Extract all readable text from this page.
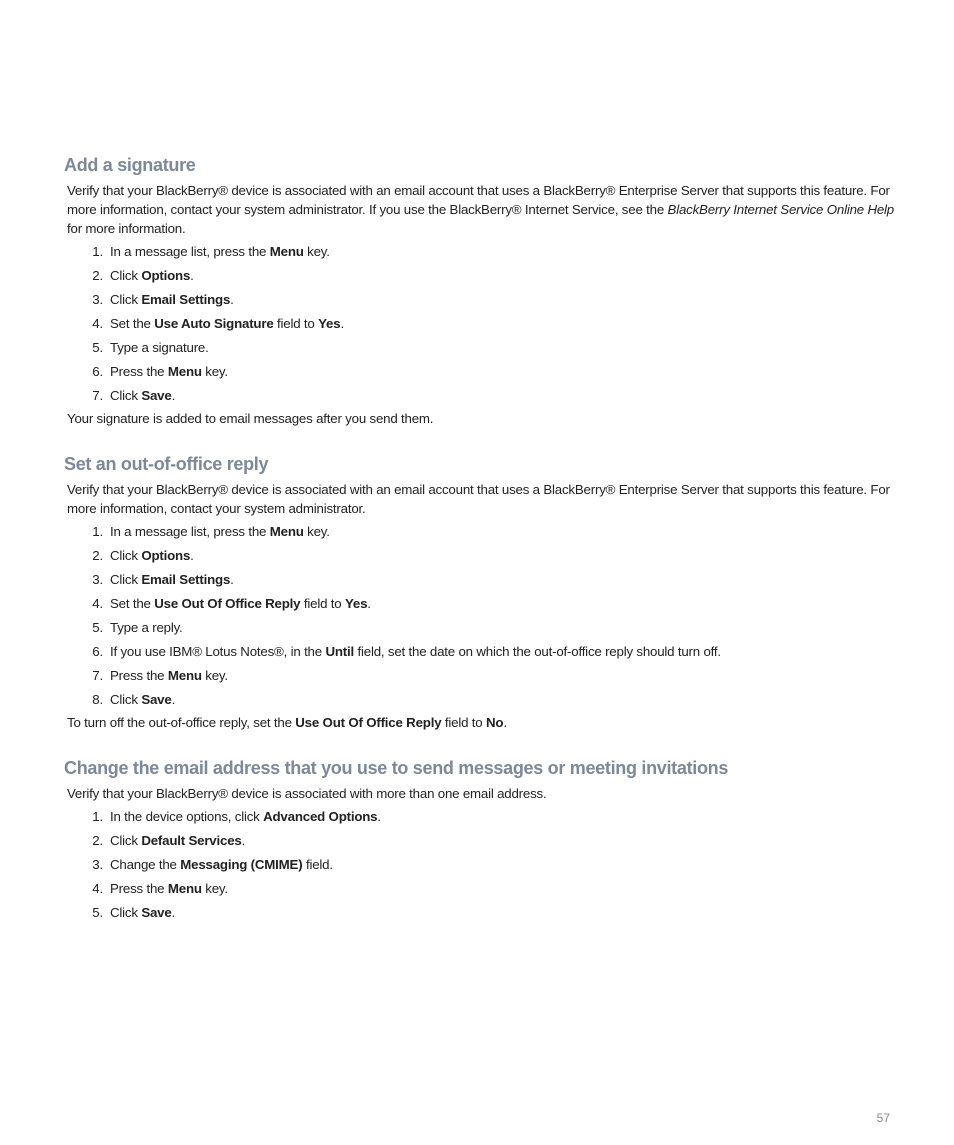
Add a signature

Verify that your BlackBerry® device is associated with an email account that uses a BlackBerry® Enterprise Server that supports this feature. For more information, contact your system administrator. If you use the BlackBerry® Internet Service, see the BlackBerry Internet Service Online Help for more information.

1. In a message list, press the Menu key.
2. Click Options.
3. Click Email Settings.
4. Set the Use Auto Signature field to Yes.
5. Type a signature.
6. Press the Menu key.
7. Click Save.

Your signature is added to email messages after you send them.

Set an out-of-office reply

Verify that your BlackBerry® device is associated with an email account that uses a BlackBerry® Enterprise Server that supports this feature. For more information, contact your system administrator.

1. In a message list, press the Menu key.
2. Click Options.
3. Click Email Settings.
4. Set the Use Out Of Office Reply field to Yes.
5. Type a reply.
6. If you use IBM® Lotus Notes®, in the Until field, set the date on which the out-of-office reply should turn off.
7. Press the Menu key.
8. Click Save.

To turn off the out-of-office reply, set the Use Out Of Office Reply field to No.

Change the email address that you use to send messages or meeting invitations

Verify that your BlackBerry® device is associated with more than one email address.

1. In the device options, click Advanced Options.
2. Click Default Services.
3. Change the Messaging (CMIME) field.
4. Press the Menu key.
5. Click Save.
57
